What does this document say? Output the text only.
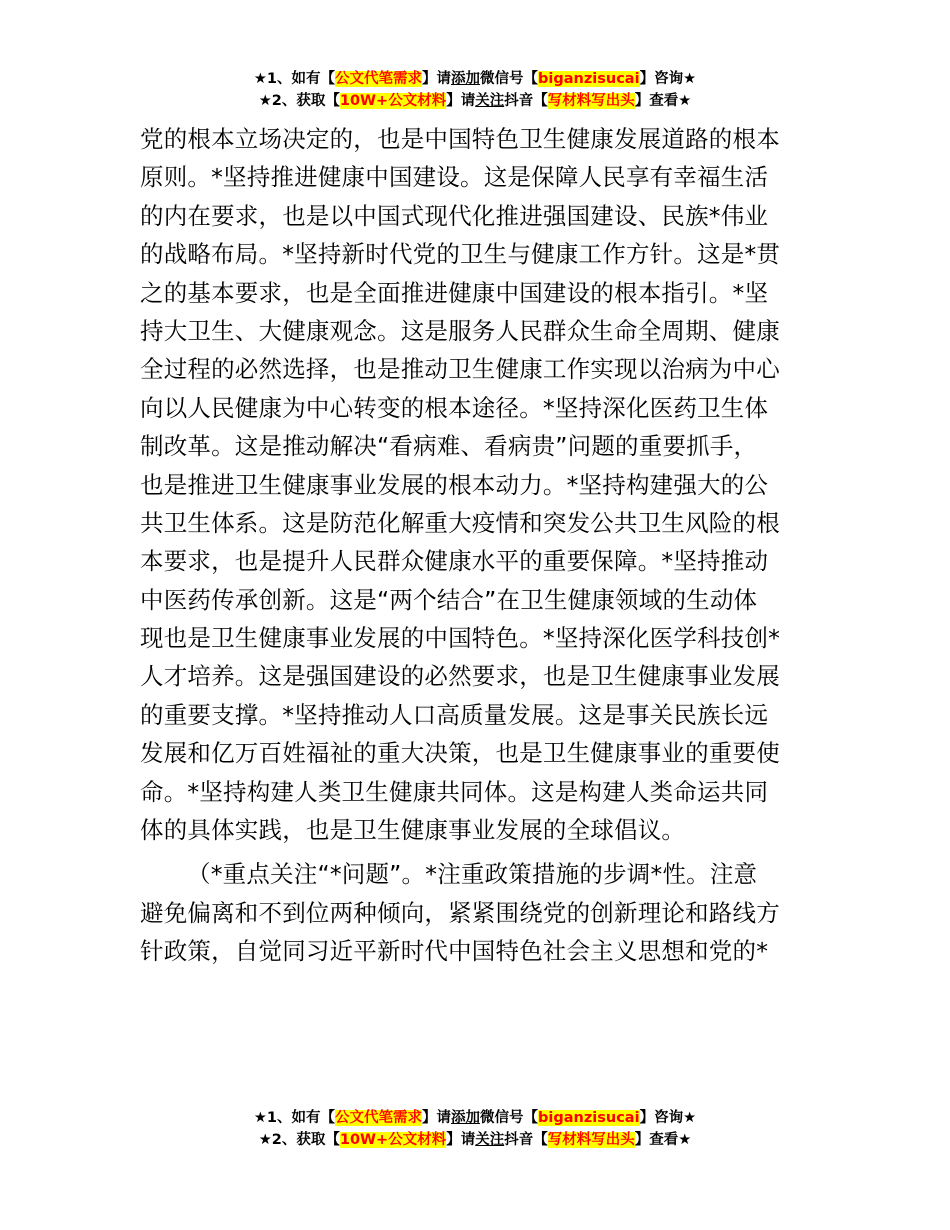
★1、如有【公文代笔需求】请添加微信号【biganzisucai】咨询★
★2、获取【10W+公文材料】请关注抖音【写材料写出头】查看★
党的根本立场决定的，也是中国特色卫生健康发展道路的根本
原则。*坚持推进健康中国建设。这是保障人民享有幸福生活
的内在要求，也是以中国式现代化推进强国建设、民族*伟业
的战略布局。*坚持新时代党的卫生与健康工作方针。这是*贯
之的基本要求，也是全面推进健康中国建设的根本指引。*坚
持大卫生、大健康观念。这是服务人民群众生命全周期、健康
全过程的必然选择，也是推动卫生健康工作实现以治病为中心
向以人民健康为中心转变的根本途径。*坚持深化医药卫生体
制改革。这是推动解决“看病难、看病贵”问题的重要抓手，
也是推进卫生健康事业发展的根本动力。*坚持构建强大的公
共卫生体系。这是防范化解重大疫情和突发公共卫生风险的根
本要求，也是提升人民群众健康水平的重要保障。*坚持推动
中医药传承创新。这是“两个结合”在卫生健康领域的生动体
现也是卫生健康事业发展的中国特色。*坚持深化医学科技创*
人才培养。这是强国建设的必然要求，也是卫生健康事业发展
的重要支撑。*坚持推动人口高质量发展。这是事关民族长远
发展和亿万百姓福祉的重大决策，也是卫生健康事业的重要使
命。*坚持构建人类卫生健康共同体。这是构建人类命运共同
体的具体实践，也是卫生健康事业发展的全球倡议。
（*重点关注“*问题”。*注重政策措施的步调*性。注意
避免偏离和不到位两种倾向，紧紧围绕党的创新理论和路线方
针政策，自觉同习近平新时代中国特色社会主义思想和党的*
★1、如有【公文代笔需求】请添加微信号【biganzisucai】咨询★
★2、获取【10W+公文材料】请关注抖音【写材料写出头】查看★
